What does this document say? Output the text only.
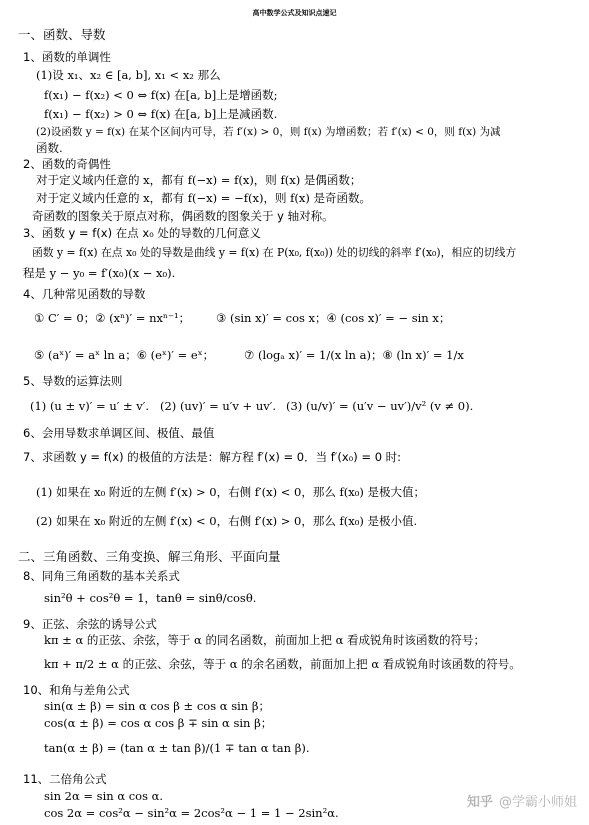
高中数学公式及知识点速记
一、函数、导数
1、函数的单调性
(1)设 x₁、x₂ ∈ [a, b], x₁ < x₂ 那么
f(x₁) − f(x₂) < 0 ⇔ f(x) 在[a, b]上是增函数;
f(x₁) − f(x₂) > 0 ⇔ f(x) 在[a, b]上是减函数.
(2)设函数 y = f(x) 在某个区间内可导，若 f′(x) > 0，则 f(x) 为增函数；若 f′(x) < 0，则 f(x) 为减
函数.
2、函数的奇偶性
对于定义域内任意的 x，都有 f(−x) = f(x)，则 f(x) 是偶函数；
对于定义域内任意的 x，都有 f(−x) = −f(x)，则 f(x) 是奇函数。
奇函数的图象关于原点对称，偶函数的图象关于 y 轴对称。
3、函数 y = f(x) 在点 x₀ 处的导数的几何意义
函数 y = f(x) 在点 x₀ 处的导数是曲线 y = f(x) 在 P(x₀, f(x₀)) 处的切线的斜率 f′(x₀)，相应的切线方
程是 y − y₀ = f′(x₀)(x − x₀).
4、几种常见函数的导数
① C′ = 0；② (xⁿ)′ = nxⁿ⁻¹； ③ (sin x)′ = cos x；④ (cos x)′ = − sin x；
⑤ (aˣ)′ = aˣ ln a；⑥ (eˣ)′ = eˣ；	⑦ (logₐ x)′ = 1/(x ln a)；⑧ (ln x)′ = 1/x
5、导数的运算法则
(1) (u ± v)′ = u′ ± v′. (2) (uv)′ = u′v + uv′. (3) (u/v)′ = (u′v − uv′)/v² (v ≠ 0).
6、会用导数求单调区间、极值、最值
7、求函数 y = f(x) 的极值的方法是：解方程 f′(x) = 0．当 f′(x₀) = 0 时:
(1) 如果在 x₀ 附近的左侧 f′(x) > 0，右侧 f′(x) < 0，那么 f(x₀) 是极大值；
(2) 如果在 x₀ 附近的左侧 f′(x) < 0，右侧 f′(x) > 0，那么 f(x₀) 是极小值.
二、三角函数、三角变换、解三角形、平面向量
8、同角三角函数的基本关系式
sin²θ + cos²θ = 1，tanθ = sinθ/cosθ.
9、正弦、余弦的诱导公式
kπ ± α 的正弦、余弦，等于 α 的同名函数，前面加上把 α 看成锐角时该函数的符号；
kπ + π/2 ± α 的正弦、余弦，等于 α 的余名函数，前面加上把 α 看成锐角时该函数的符号。
10、和角与差角公式
sin(α ± β) = sin α cos β ± cos α sin β；
cos(α ± β) = cos α cos β ∓ sin α sin β；
tan(α ± β) = (tan α ± tan β)/(1 ∓ tan α tan β).
11、二倍角公式
sin 2α = sin α cos α.
cos 2α = cos²α − sin²α = 2cos²α − 1 = 1 − 2sin²α.
知乎 @学霸小师姐
